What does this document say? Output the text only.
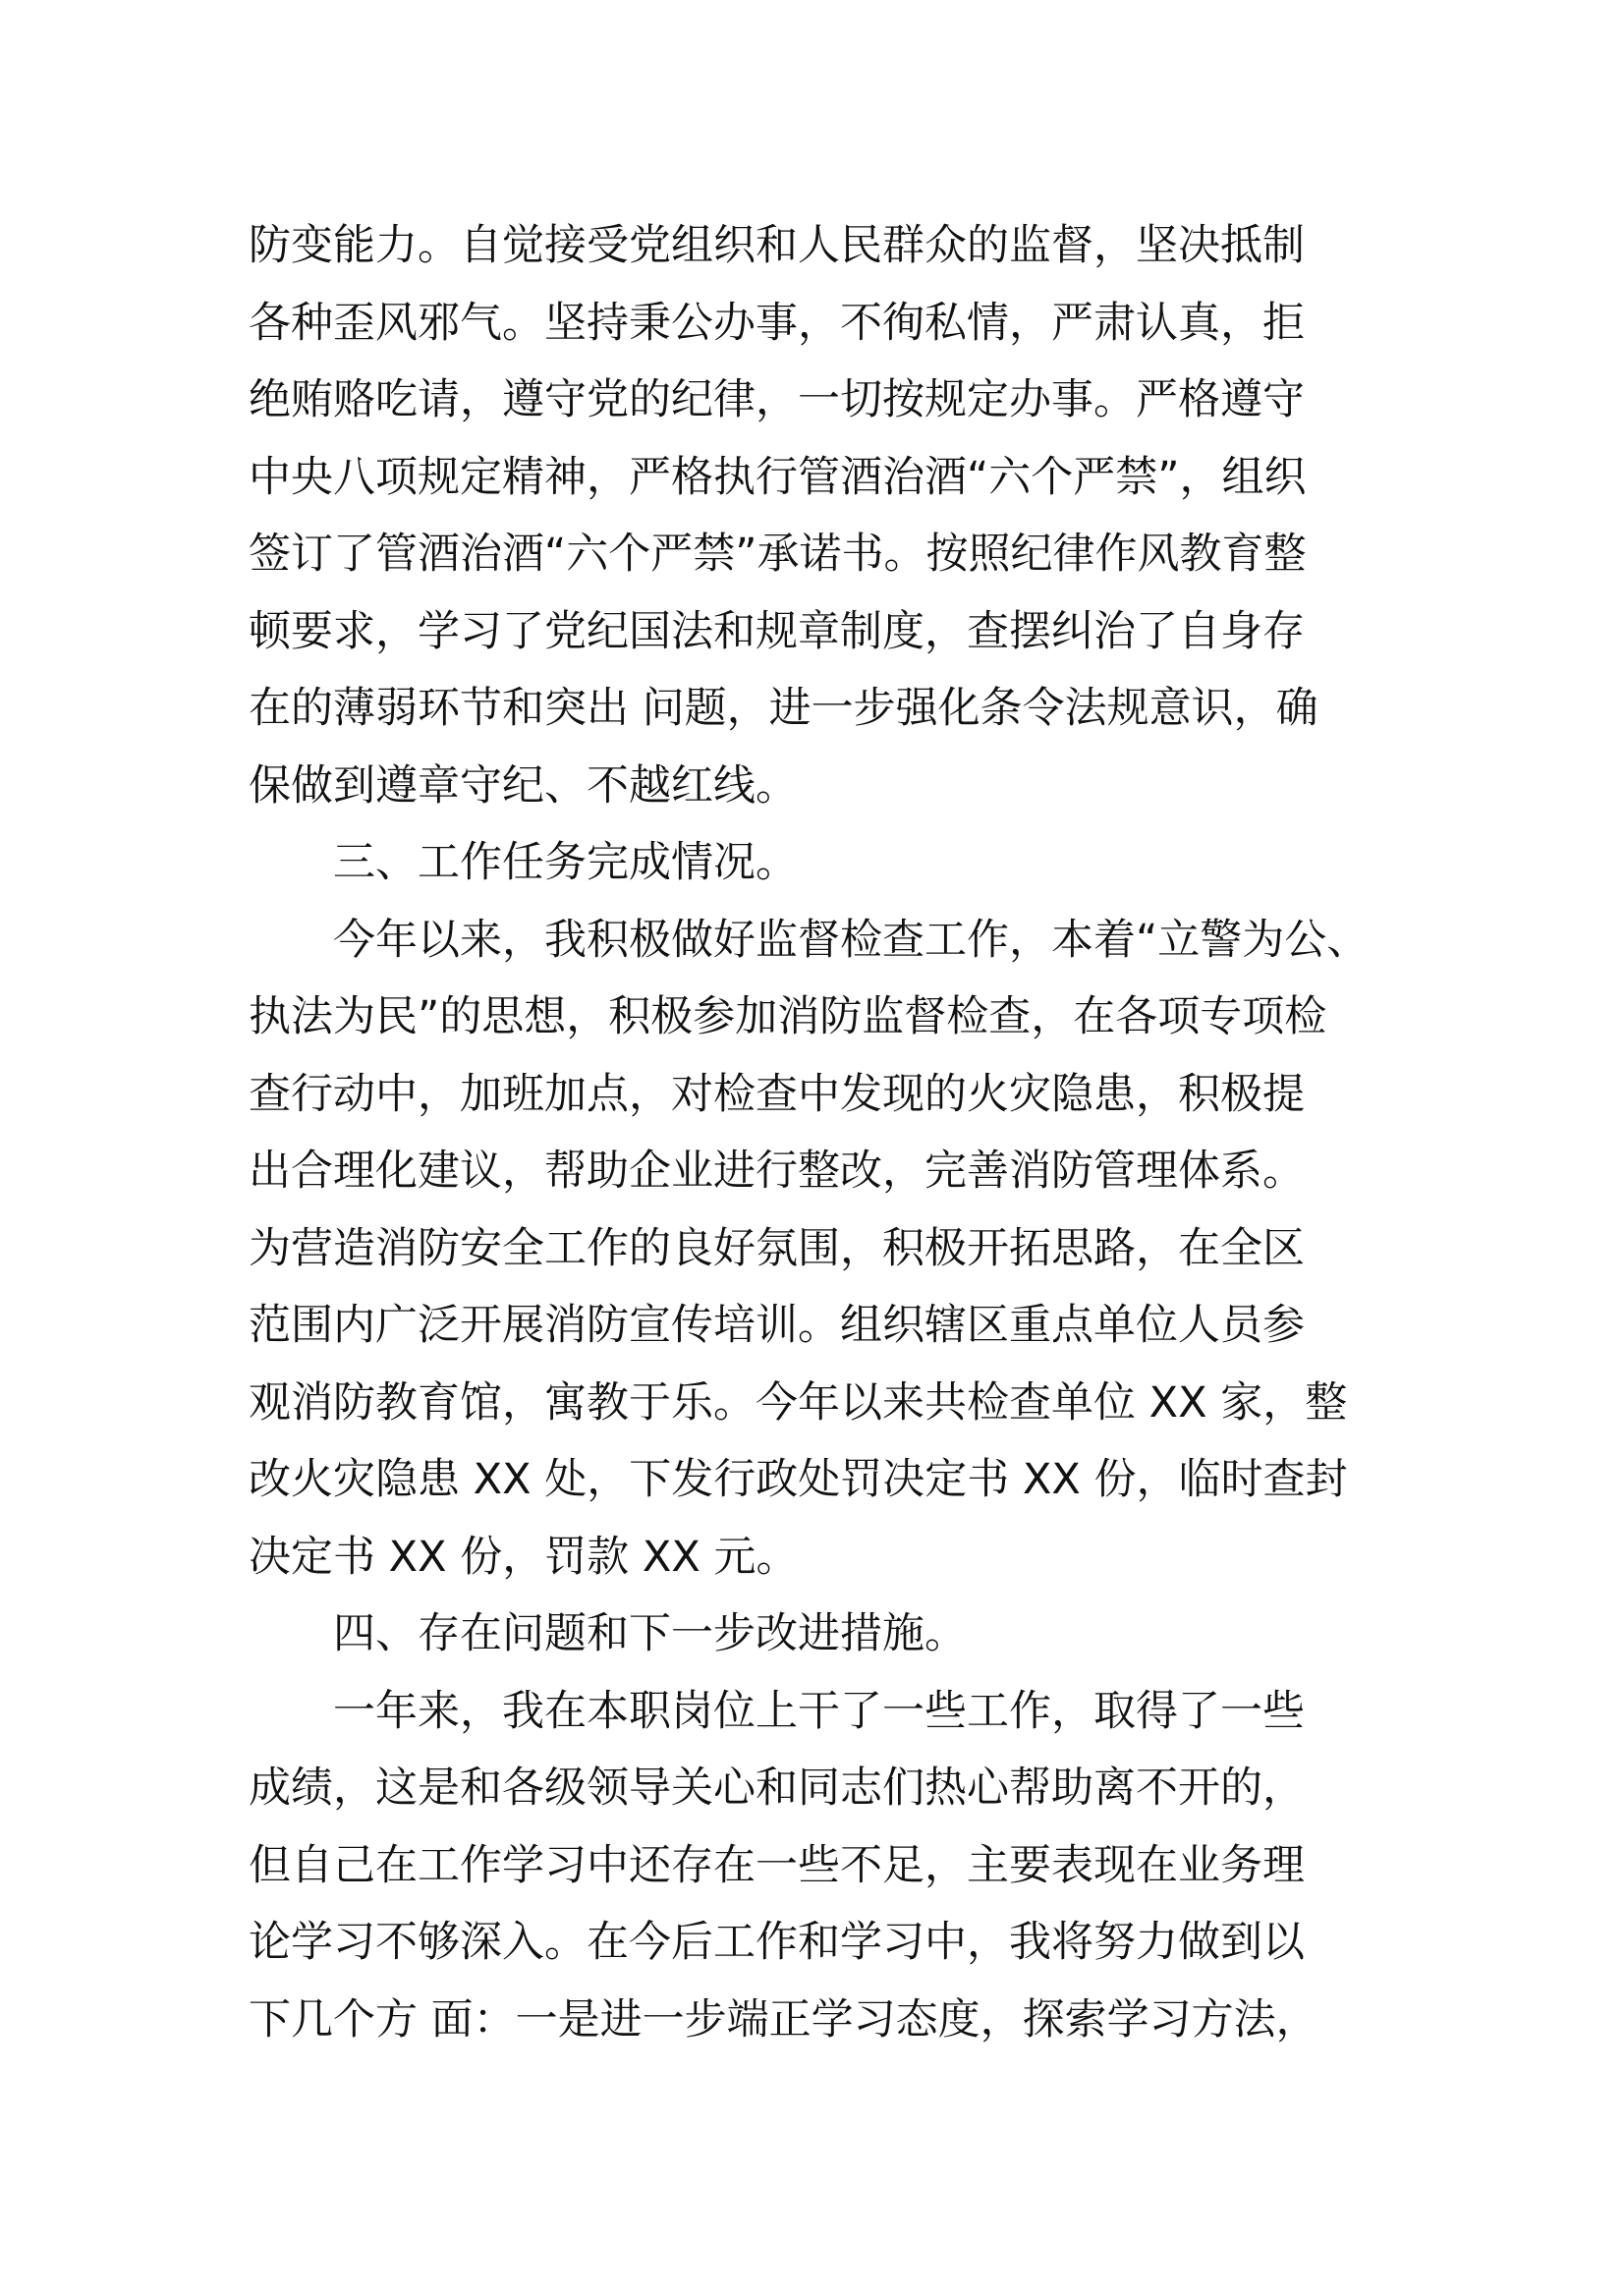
防变能力。自觉接受党组织和人民群众的监督，坚决抵制
各种歪风邪气。坚持秉公办事，不徇私情，严肃认真，拒
绝贿赂吃请，遵守党的纪律，一切按规定办事。严格遵守
中央八项规定精神，严格执行管酒治酒“六个严禁”，组织
签订了管酒治酒“六个严禁”承诺书。按照纪律作风教育整
顿要求，学习了党纪国法和规章制度，查摆纠治了自身存
在的薄弱环节和突出 问题，进一步强化条令法规意识，确
保做到遵章守纪、不越红线。
三、工作任务完成情况。
今年以来，我积极做好监督检查工作，本着“立警为公、
执法为民”的思想，积极参加消防监督检查，在各项专项检
查行动中，加班加点，对检查中发现的火灾隐患，积极提
出合理化建议，帮助企业进行整改，完善消防管理体系。
为营造消防安全工作的良好氛围，积极开拓思路，在全区
范围内广泛开展消防宣传培训。组织辖区重点单位人员参
观消防教育馆，寓教于乐。今年以来共检查单位 XX 家，整
改火灾隐患 XX 处，下发行政处罚决定书 XX 份，临时查封
决定书 XX 份，罚款 XX 元。
四、存在问题和下一步改进措施。
一年来，我在本职岗位上干了一些工作，取得了一些
成绩，这是和各级领导关心和同志们热心帮助离不开的，
但自己在工作学习中还存在一些不足，主要表现在业务理
论学习不够深入。在今后工作和学习中，我将努力做到以
下几个方 面：一是进一步端正学习态度，探索学习方法，
